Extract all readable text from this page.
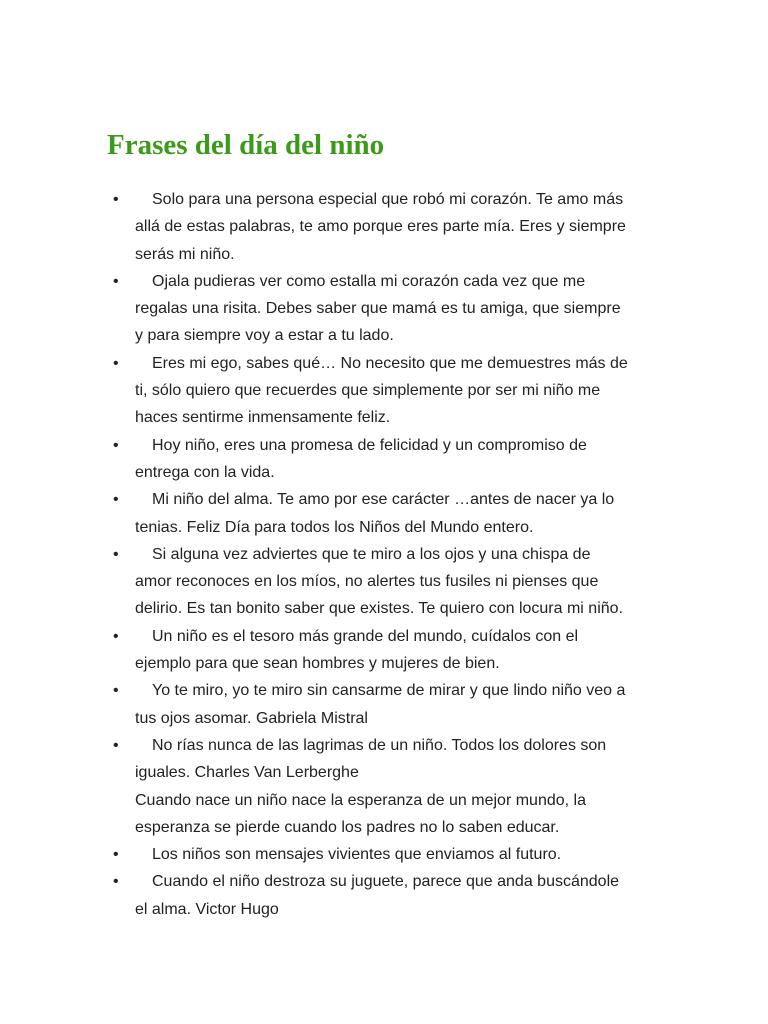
Frases del día del niño
•	Solo para una persona especial que robó mi corazón. Te amo más
allá de estas palabras, te amo porque eres parte mía. Eres y siempre
serás mi niño.
•	Ojala pudieras ver como estalla mi corazón cada vez que me
regalas una risita. Debes saber que mamá es tu amiga, que siempre
y para siempre voy a estar a tu lado.
•	Eres mi ego, sabes qué… No necesito que me demuestres más de
ti, sólo quiero que recuerdes que simplemente por ser mi niño me
haces sentirme inmensamente feliz.
•	Hoy niño, eres una promesa de felicidad y un compromiso de
entrega con la vida.
•	Mi niño del alma. Te amo por ese carácter …antes de nacer ya lo
tenias. Feliz Día para todos los Niños del Mundo entero.
•	Si alguna vez adviertes que te miro a los ojos y una chispa de
amor reconoces en los míos, no alertes tus fusiles ni pienses que
delirio. Es tan bonito saber que existes. Te quiero con locura mi niño.
•	Un niño es el tesoro más grande del mundo, cuídalos con el
ejemplo para que sean hombres y mujeres de bien.
•	Yo te miro, yo te miro sin cansarme de mirar y que lindo niño veo a
tus ojos asomar. Gabriela Mistral
•	No rías nunca de las lagrimas de un niño. Todos los dolores son
iguales. Charles Van Lerberghe
Cuando nace un niño nace la esperanza de un mejor mundo, la
esperanza se pierde cuando los padres no lo saben educar.
•	Los niños son mensajes vivientes que enviamos al futuro.
•	Cuando el niño destroza su juguete, parece que anda buscándole
el alma. Victor Hugo
